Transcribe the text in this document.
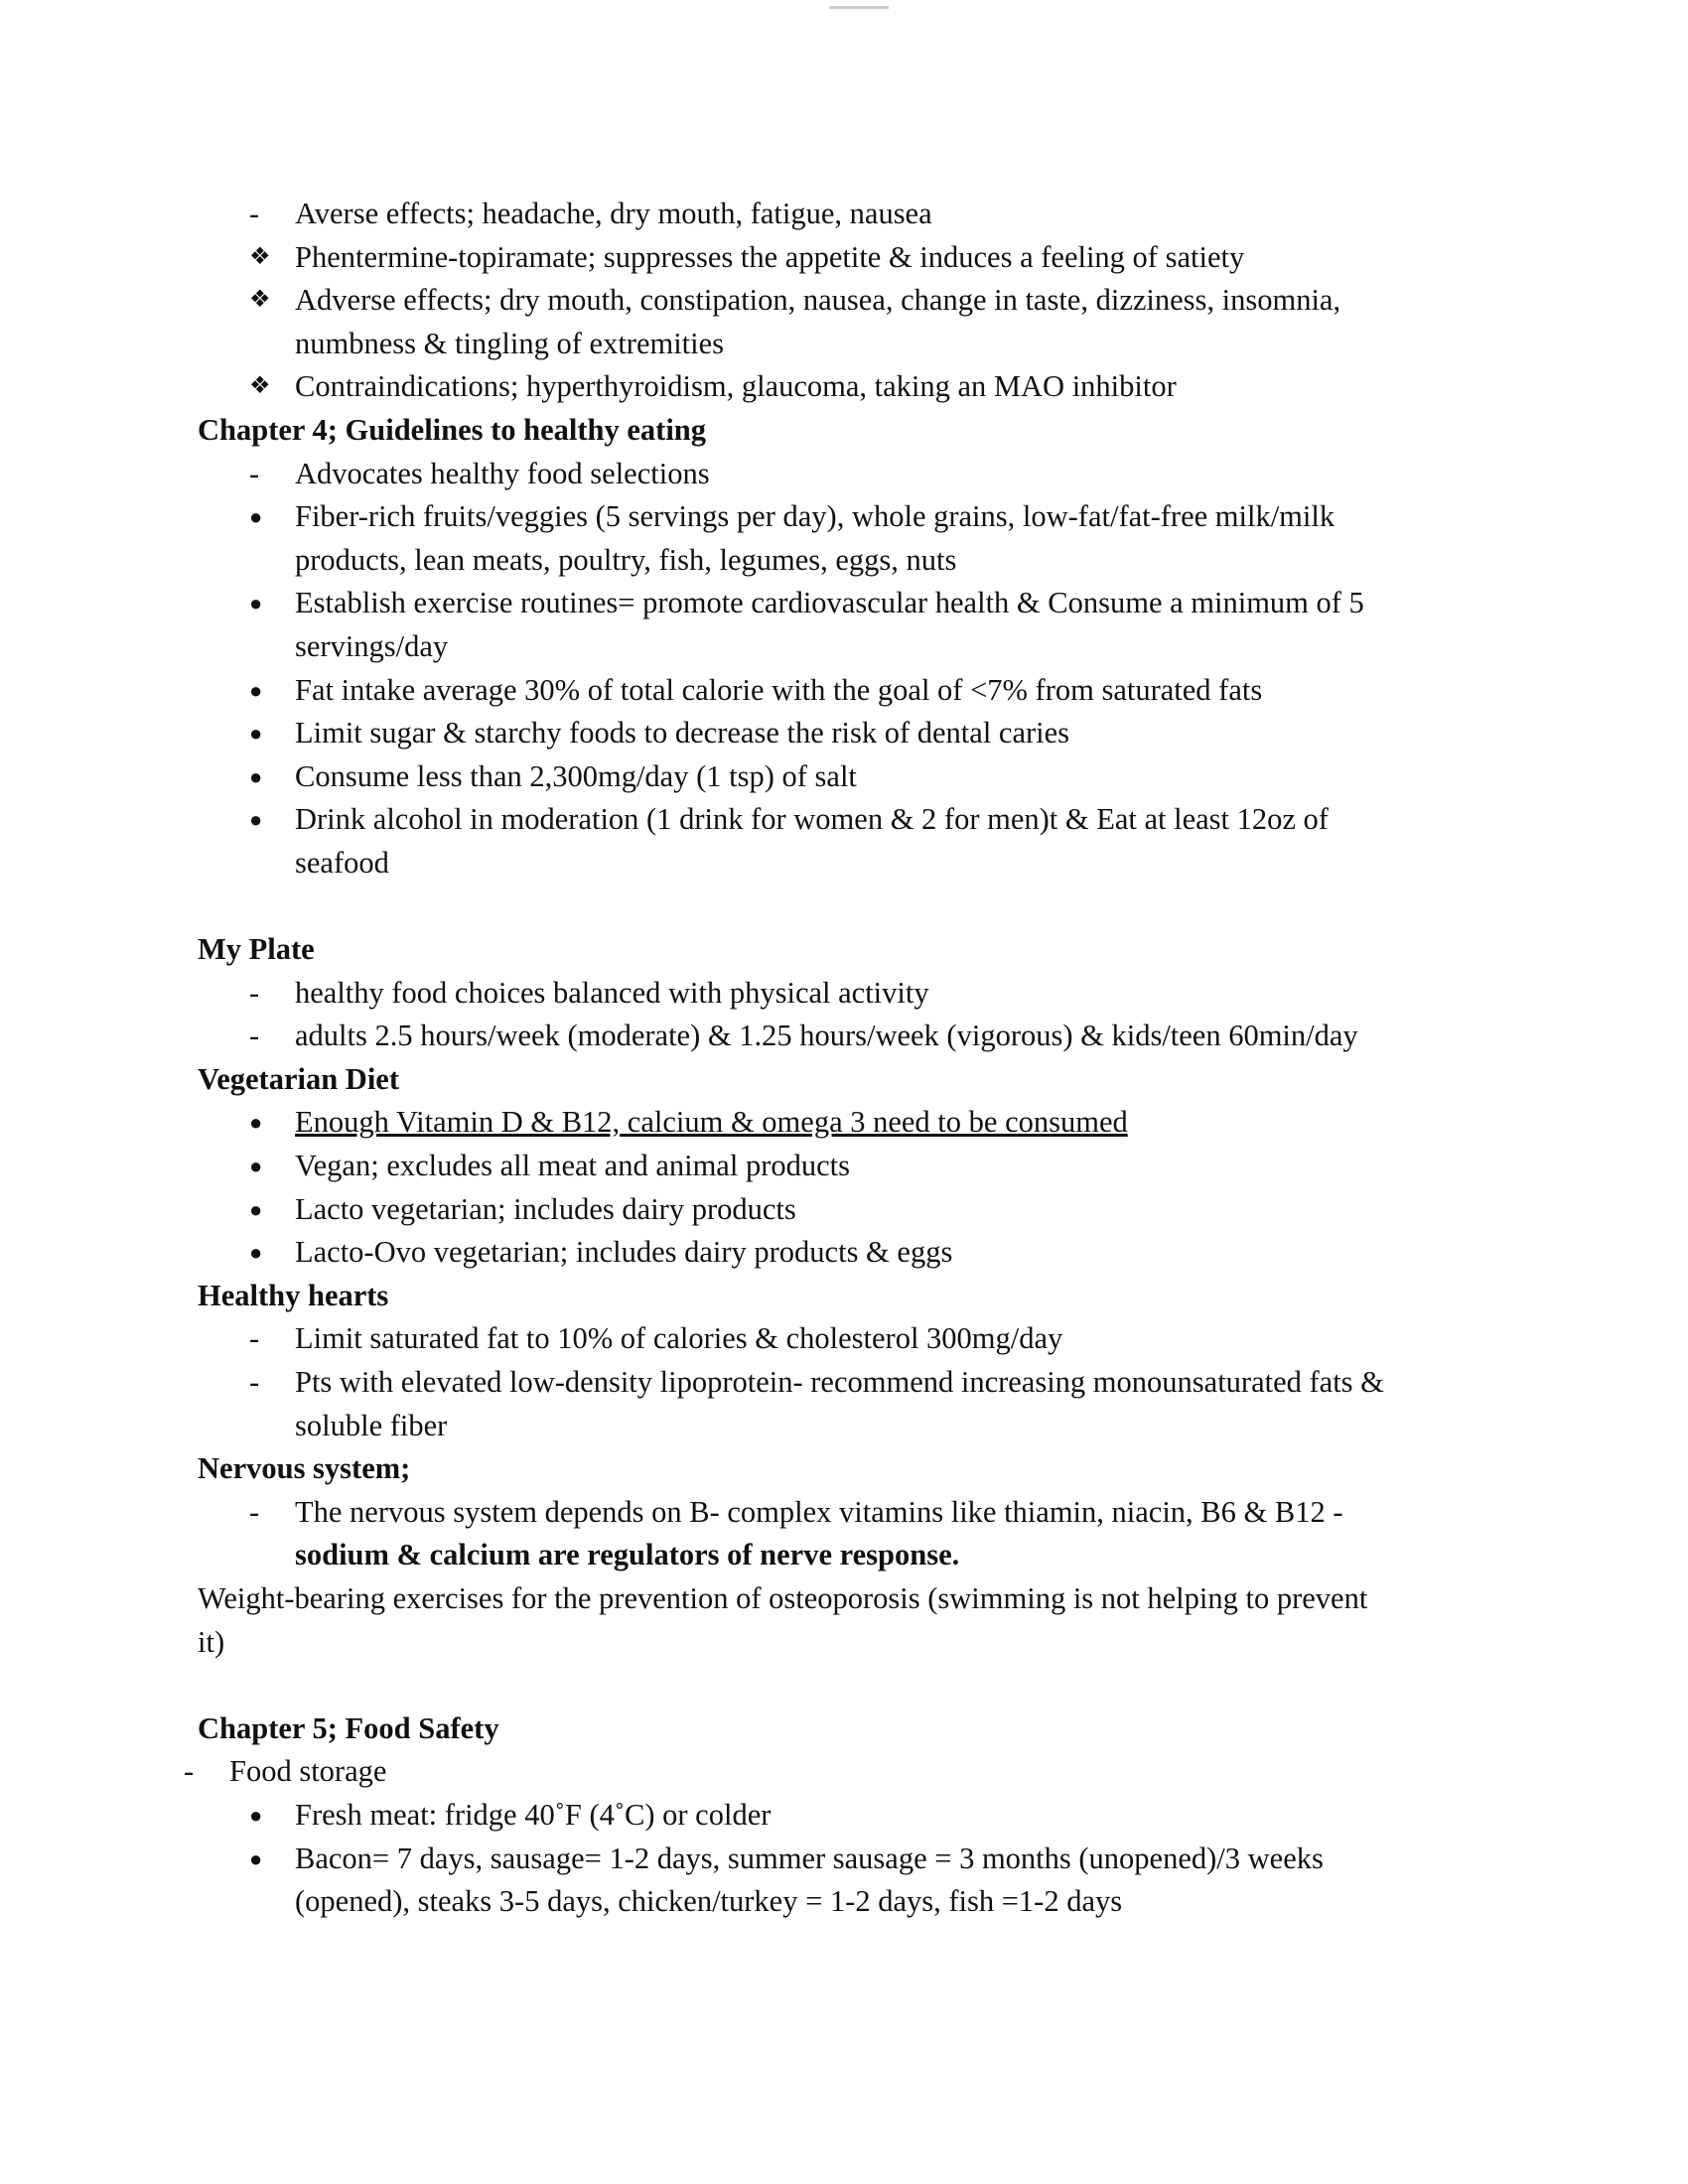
- Averse effects; headache, dry mouth, fatigue, nausea
❖ Phentermine-topiramate; suppresses the appetite & induces a feeling of satiety
❖ Adverse effects; dry mouth, constipation, nausea, change in taste, dizziness, insomnia,
numbness & tingling of extremities
❖ Contraindications; hyperthyroidism, glaucoma, taking an MAO inhibitor
Chapter 4; Guidelines to healthy eating
- Advocates healthy food selections
● Fiber-rich fruits/veggies (5 servings per day), whole grains, low-fat/fat-free milk/milk
products, lean meats, poultry, fish, legumes, eggs, nuts
● Establish exercise routines= promote cardiovascular health & Consume a minimum of 5
servings/day
● Fat intake average 30% of total calorie with the goal of <7% from saturated fats
● Limit sugar & starchy foods to decrease the risk of dental caries
● Consume less than 2,300mg/day (1 tsp) of salt
● Drink alcohol in moderation (1 drink for women & 2 for men)t & Eat at least 12oz of
seafood
My Plate
- healthy food choices balanced with physical activity
- adults 2.5 hours/week (moderate) & 1.25 hours/week (vigorous) & kids/teen 60min/day
Vegetarian Diet
● Enough Vitamin D & B12, calcium & omega 3 need to be consumed
● Vegan; excludes all meat and animal products
● Lacto vegetarian; includes dairy products
● Lacto-Ovo vegetarian; includes dairy products & eggs
Healthy hearts
- Limit saturated fat to 10% of calories & cholesterol 300mg/day
- Pts with elevated low-density lipoprotein- recommend increasing monounsaturated fats &
soluble fiber
Nervous system;
- The nervous system depends on B- complex vitamins like thiamin, niacin, B6 & B12 -
sodium & calcium are regulators of nerve response.
Weight-bearing exercises for the prevention of osteoporosis (swimming is not helping to prevent
it)
Chapter 5; Food Safety
- Food storage
● Fresh meat: fridge 40˚F (4˚C) or colder
● Bacon= 7 days, sausage= 1-2 days, summer sausage = 3 months (unopened)/3 weeks
(opened), steaks 3-5 days, chicken/turkey = 1-2 days, fish =1-2 days
